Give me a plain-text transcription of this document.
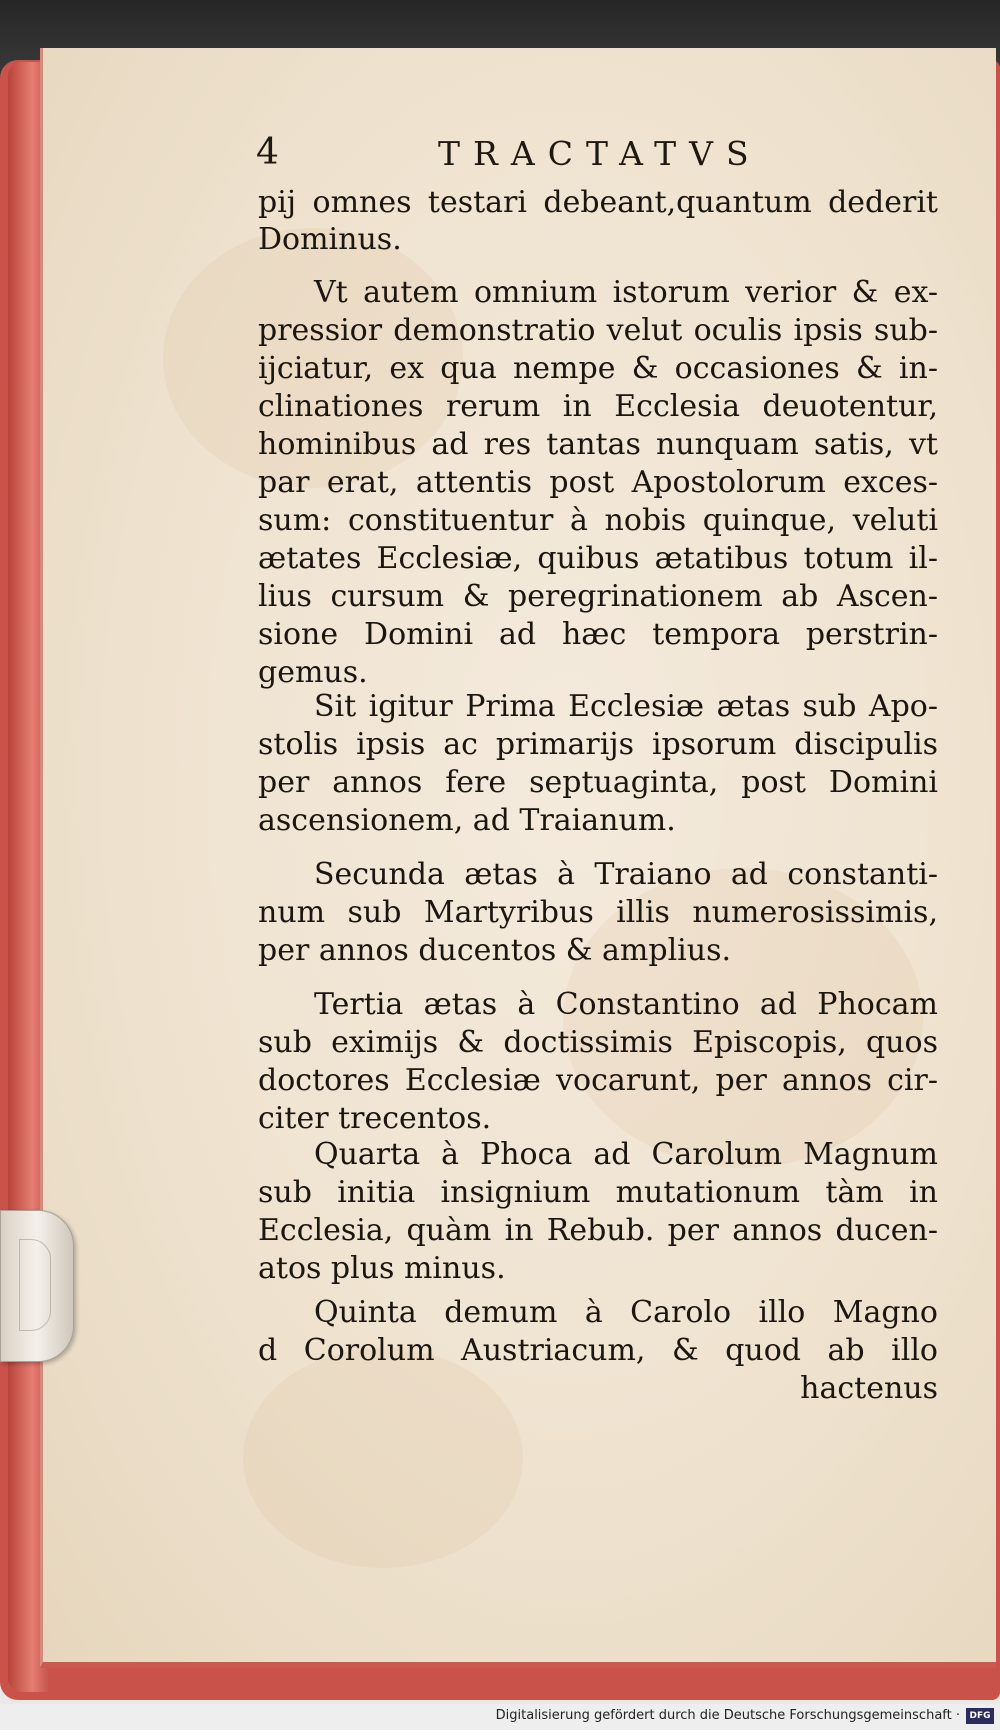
4	TRACTATVS
pij omnes testari debeant,quantum dederit
Dominus.
Vt autem omnium istorum verior & ex-
pressior demonstratio velut oculis ipsis sub-
ijciatur, ex qua nempe & occasiones & in-
clinationes rerum in Ecclesia deuotentur,
hominibus ad res tantas nunquam satis, vt
par erat, attentis post Apostolorum exces-
sum: constituentur à nobis quinque, veluti
ætates Ecclesiæ, quibus ætatibus totum il-
lius cursum & peregrinationem ab Ascen-
sione Domini ad hæc tempora perstrin-
gemus.
Sit igitur Prima Ecclesiæ ætas sub Apo-
stolis ipsis ac primarijs ipsorum discipulis
per annos fere septuaginta, post Domini
ascensionem, ad Traianum.
Secunda ætas à Traiano ad constanti-
num sub Martyribus illis numerosissimis,
per annos ducentos & amplius.
Tertia ætas à Constantino ad Phocam
sub eximijs & doctissimis Episcopis, quos
doctores Ecclesiæ vocarunt, per annos cir-
citer trecentos.
Quarta à Phoca ad Carolum Magnum
sub initia insignium mutationum tàm in
Ecclesia, quàm in Rebub. per annos ducen-
atos plus minus.
Quinta demum à Carolo illo Magno
d Corolum Austriacum, & quod ab illo
hactenus
Digitalisierung gefördert durch die Deutsche Forschungsgemeinschaft ·	DFG
